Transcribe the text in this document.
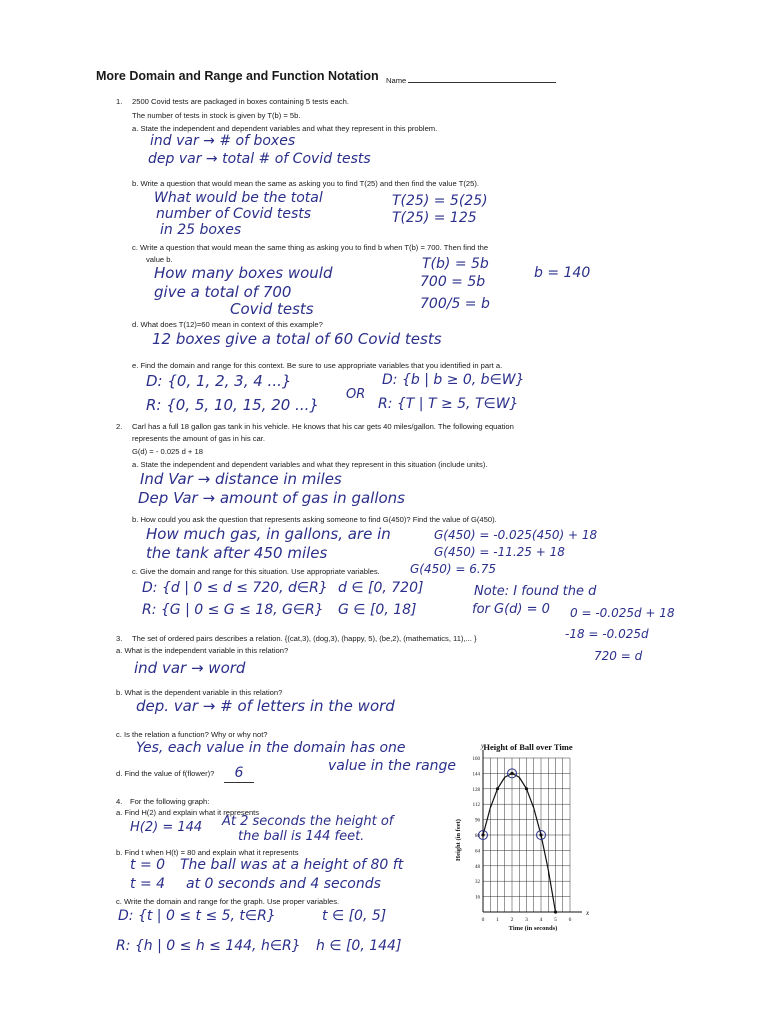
More Domain and Range and Function Notation Name
1. 2500 Covid tests are packaged in boxes containing 5 tests each.
The number of tests in stock is given by T(b) = 5b.
a. State the independent and dependent variables and what they represent in this problem.
ind var → # of boxes
dep var → total # of Covid tests
b. Write a question that would mean the same as asking you to find T(25) and then find the value T(25).
What would be the total
number of Covid tests
in 25 boxes
T(25) = 5(25)
T(25) = 125
c. Write a question that would mean the same thing as asking you to find b when T(b) = 700. Then find the
value b.
How many boxes would
give a total of 700
Covid tests
T(b) = 5b
700 = 5b
700/5 = b
b = 140
d. What does T(12)=60 mean in context of this example?
12 boxes give a total of 60 Covid tests
e. Find the domain and range for this context. Be sure to use appropriate variables that you identified in part a.
D: {0, 1, 2, 3, 4 ...}
R: {0, 5, 10, 15, 20 ...}
OR
D: {b | b ≥ 0, b∈W}
R: {T | T ≥ 5, T∈W}
2. Carl has a full 18 gallon gas tank in his vehicle. He knows that his car gets 40 miles/gallon. The following equation
represents the amount of gas in his car.
G(d) = - 0.025 d + 18
a. State the independent and dependent variables and what they represent in this situation (include units).
Ind Var → distance in miles
Dep Var → amount of gas in gallons
b. How could you ask the question that represents asking someone to find G(450)? Find the value of G(450).
How much gas, in gallons, are in
the tank after 450 miles
G(450) = -0.025(450) + 18
G(450) = -11.25 + 18
G(450) = 6.75
c. Give the domain and range for this situation. Use appropriate variables.
D: {d | 0 ≤ d ≤ 720, d∈R}
R: {G | 0 ≤ G ≤ 18, G∈R}
d ∈ [0, 720]
G ∈ [0, 18]
Note: I found the d
for G(d) = 0 0 = -0.025d + 18
-18 = -0.025d
720 = d
3. The set of ordered pairs describes a relation. {(cat,3), (dog,3), (happy, 5), (be,2), (mathematics, 11),... }
a. What is the independent variable in this relation?
ind var → word
b. What is the dependent variable in this relation?
dep. var → # of letters in the word
c. Is the relation a function? Why or why not?
Yes, each value in the domain has one
value in the range
d. Find the value of f(flower)?	6
4. For the following graph:
a. Find H(2) and explain what it represents
H(2) = 144 At 2 seconds the height of
the ball is 144 feet.
b. Find t when H(t) = 80 and explain what it represents
t = 0
t = 4
The ball was at a height of 80 ft
at 0 seconds and 4 seconds
c. Write the domain and range for the graph. Use proper variables.
D: {t | 0 ≤ t ≤ 5, t∈R}
R: {h | 0 ≤ h ≤ 144, h∈R}
t ∈ [0, 5]
h ∈ [0, 144]
Height of Ball over Time
Height (in feet)
Time (in seconds)
x
y
0 1 2 3 4 5 6
16
32
48
64
80
96
112
128
144
160
